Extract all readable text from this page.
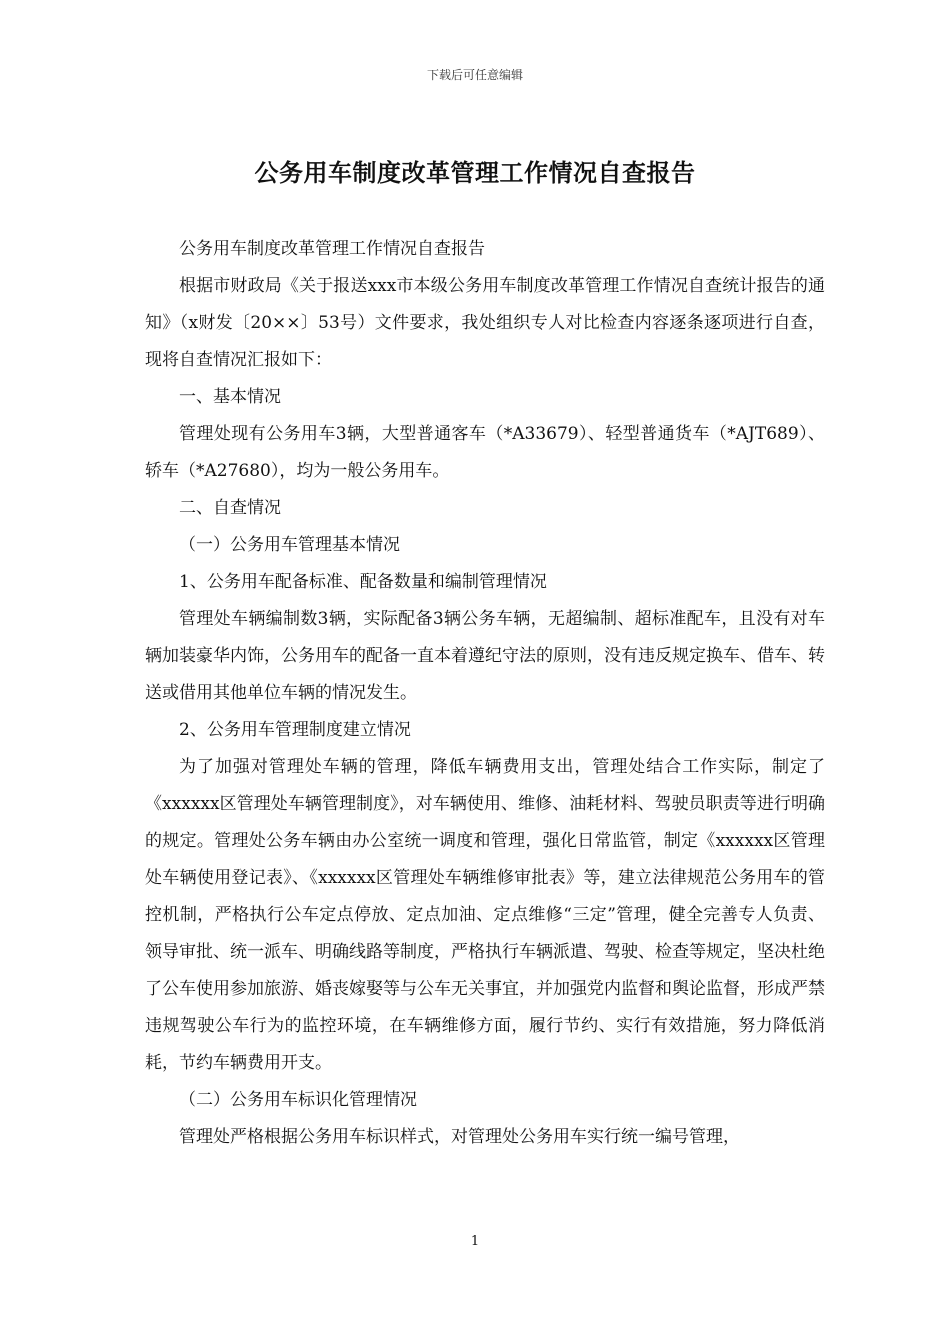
下载后可任意编辑
公务用车制度改革管理工作情况自查报告

公务用车制度改革管理工作情况自查报告

根据市财政局《关于报送xxx市本级公务用车制度改革管理工作情况自查统计报告的通知》（x财发〔20××〕53号）文件要求，我处组织专人对比检查内容逐条逐项进行自查，现将自查情况汇报如下：

一、基本情况

管理处现有公务用车3辆，大型普通客车（*A33679）、轻型普通货车（*AJT689）、轿车（*A27680），均为一般公务用车。

二、自查情况

（一）公务用车管理基本情况

1、公务用车配备标准、配备数量和编制管理情况

管理处车辆编制数3辆，实际配备3辆公务车辆，无超编制、超标准配车，且没有对车辆加装豪华内饰，公务用车的配备一直本着遵纪守法的原则，没有违反规定换车、借车、转送或借用其他单位车辆的情况发生。

2、公务用车管理制度建立情况

为了加强对管理处车辆的管理，降低车辆费用支出，管理处结合工作实际，制定了《xxxxxx区管理处车辆管理制度》，对车辆使用、维修、油耗材料、驾驶员职责等进行明确的规定。管理处公务车辆由办公室统一调度和管理，强化日常监管，制定《xxxxxx区管理处车辆使用登记表》、《xxxxxx区管理处车辆维修审批表》等，建立法律规范公务用车的管控机制，严格执行公车定点停放、定点加油、定点维修“三定”管理，健全完善专人负责、领导审批、统一派车、明确线路等制度，严格执行车辆派遣、驾驶、检查等规定，坚决杜绝了公车使用参加旅游、婚丧嫁娶等与公车无关事宜，并加强党内监督和舆论监督，形成严禁违规驾驶公车行为的监控环境，在车辆维修方面，履行节约、实行有效措施，努力降低消耗，节约车辆费用开支。

（二）公务用车标识化管理情况

管理处严格根据公务用车标识样式，对管理处公务用车实行统一编号管理，

1
